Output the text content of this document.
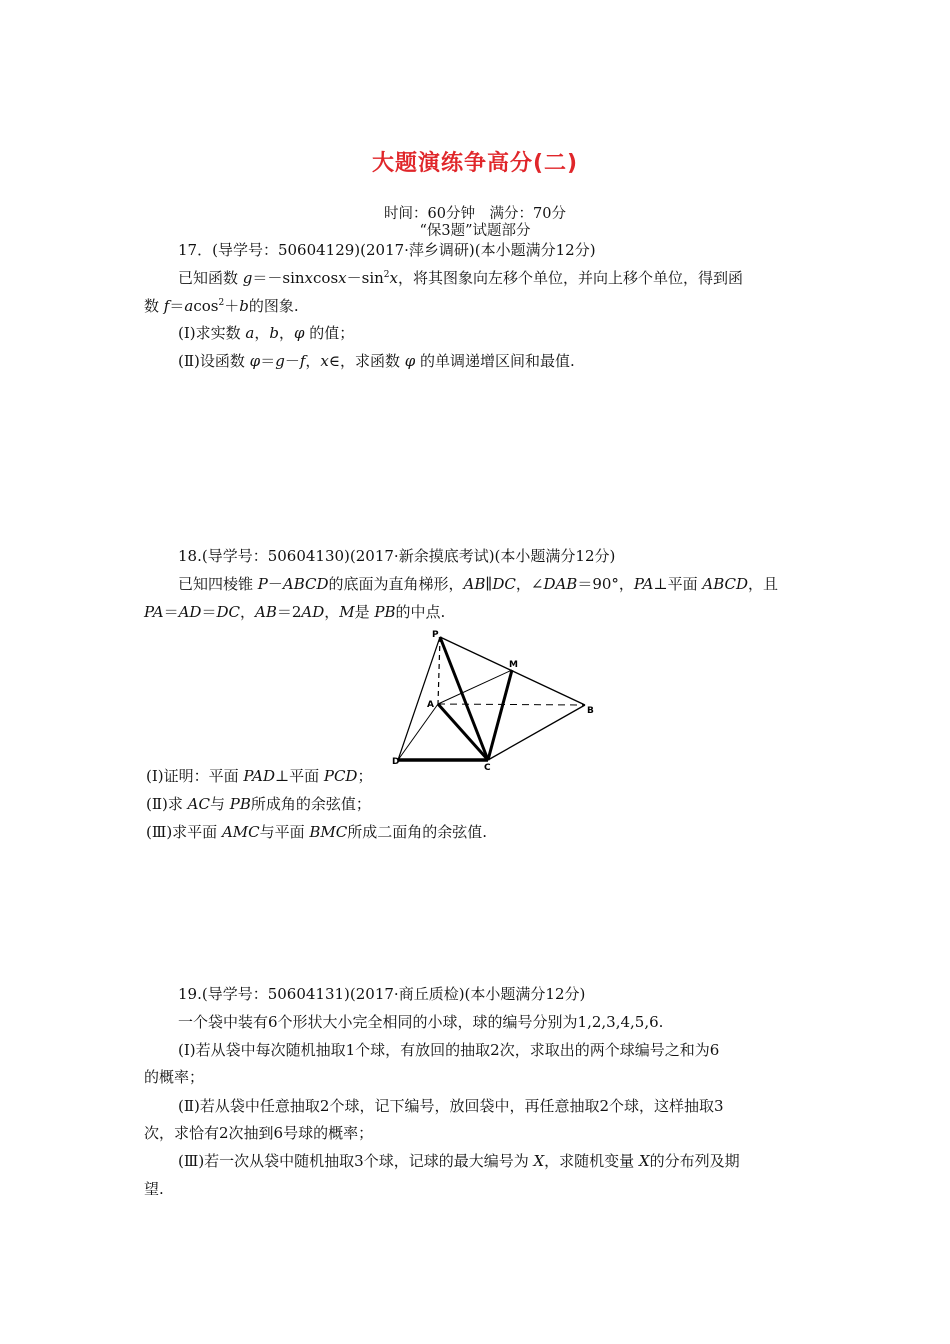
大题演练争高分(二)
时间：60分钟　满分：70分
“保3题”试题部分
17．(导学号：50604129)(2017·萍乡调研)(本小题满分12分)
已知函数 $g=-sinxcosx-\sin^2x$，将其图象向左移个单位，并向上移个单位，得到函
数 f＝acos$^2$＋b的图象.
(Ⅰ)求实数 a，b，φ 的值；
(Ⅱ)设函数 φ＝g－f，x∈，求函数 φ 的单调递增区间和最值.
18.(导学号：50604130)(2017·新余摸底考试)(本小题满分12分)
已知四棱锥 P－ABCD的底面为直角梯形，AB∥DC，∠DAB＝90°，PA⊥平面 ABCD，且
PA＝AD＝DC，AB＝2AD，M是 PB的中点.
P
M
A
B
D
C
(Ⅰ)证明：平面 PAD⊥平面 PCD；
(Ⅱ)求 AC与 PB所成角的余弦值；
(Ⅲ)求平面 AMC与平面 BMC所成二面角的余弦值.
19.(导学号：50604131)(2017·商丘质检)(本小题满分12分)
一个袋中装有6个形状大小完全相同的小球，球的编号分别为1,2,3,4,5,6.
(Ⅰ)若从袋中每次随机抽取1个球，有放回的抽取2次，求取出的两个球编号之和为6
的概率；
(Ⅱ)若从袋中任意抽取2个球，记下编号，放回袋中，再任意抽取2个球，这样抽取3
次，求恰有2次抽到6号球的概率；
(Ⅲ)若一次从袋中随机抽取3个球，记球的最大编号为 X，求随机变量 X的分布列及期
望.
